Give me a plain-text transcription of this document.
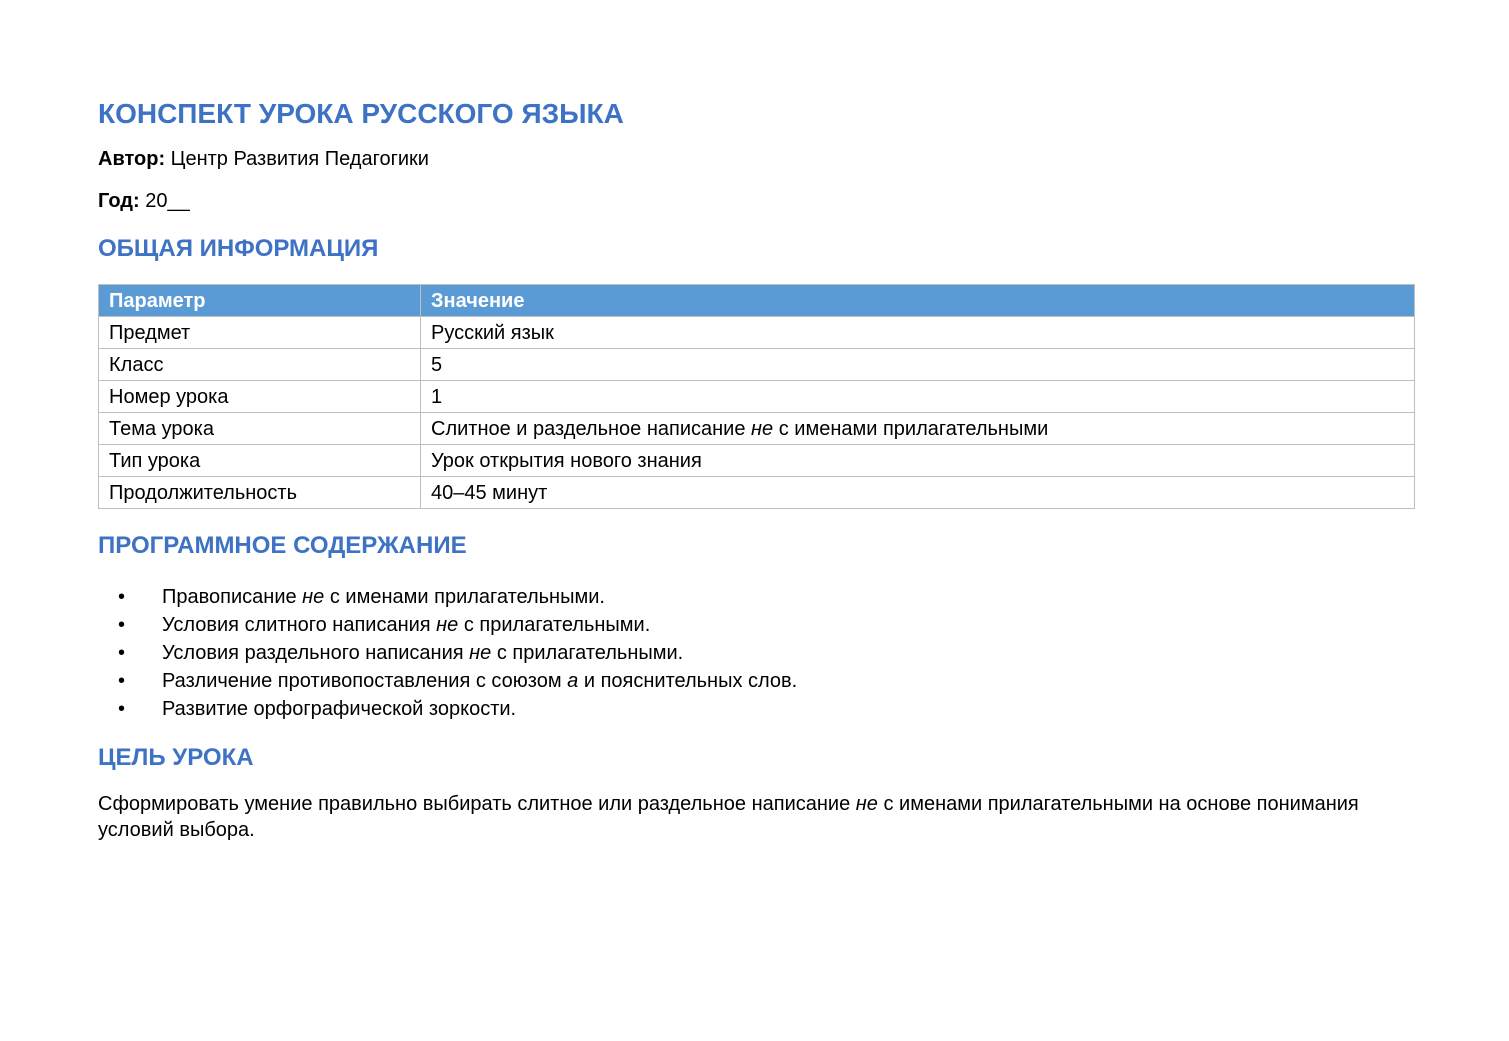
КОНСПЕКТ УРОКА РУССКОГО ЯЗЫКА

Автор: Центр Развития Педагогики

Год: 20__

ОБЩАЯ ИНФОРМАЦИЯ
Параметр	Значение
Предмет	Русский язык
Класс	5
Номер урока	1
Тема урока	Слитное и раздельное написание не с именами прилагательными
Тип урока	Урок открытия нового знания
Продолжительность	40–45 минут
ПРОГРАММНОЕ СОДЕРЖАНИЕ
• Правописание не с именами прилагательными.
• Условия слитного написания не с прилагательными.
• Условия раздельного написания не с прилагательными.
• Различение противопоставления с союзом а и пояснительных слов.
• Развитие орфографической зоркости.
ЦЕЛЬ УРОКА

Сформировать умение правильно выбирать слитное или раздельное написание не с именами прилагательными на основе понимания условий выбора.
